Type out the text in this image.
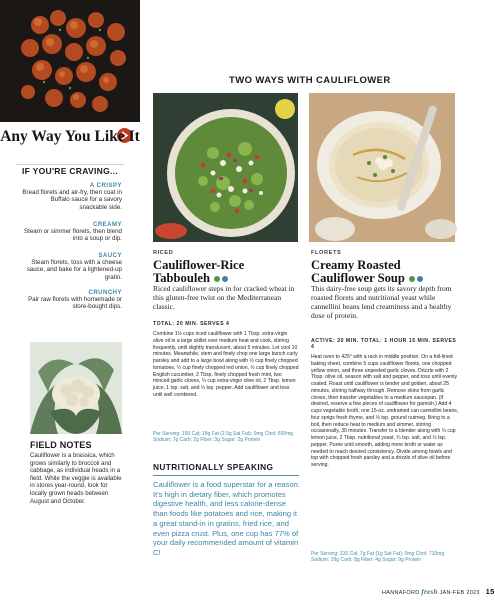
Any Way You Like It
IF YOU'RE CRAVING...
A CRISPY
Bread florets and air-fry, then coat in Buffalo sauce for a savory snackable side.
CREAMY
Steam or simmer florets, then blend into a soup or dip.
SAUCY
Steam florets, toss with a cheese sauce, and bake for a lightened-up gratin.
CRUNCHY
Pair raw florets with homemade or store-bought dips.
FIELD NOTES
Cauliflower is a brassica, which grows similarly to broccoli and cabbage, as individual heads in a field. While the veggie is available in stores year-round, look for locally grown heads between August and October.
TWO WAYS WITH CAULIFLOWER
RICED
Cauliflower-Rice Tabbouleh
Riced cauliflower steps in for cracked wheat in this gluten-free twist on the Mediterranean classic.
TOTAL: 20 MIN. SERVES 4
Combine 1½ cups riced cauliflower with 1 Tbsp. extra-virgin olive oil in a large skillet over medium heat and cook, stirring frequently, until slightly translucent, about 5 minutes. Let cool 10 minutes. Meanwhile, stem and finely chop one large bunch curly parsley and add to a large bowl along with ½ cup finely chopped tomatoes, ½ cup finely chopped red onion, ½ cup finely chopped English cucumber, 2 Tbsp. finely chopped fresh mint, two minced garlic cloves, ¼ cup extra-virgin olive oil, 2 Tbsp. lemon juice, 1 tsp. salt, and ½ tsp. pepper. Add cauliflower and toss until well combined.
Per Serving: 190 Cal; 18g Fat (2.5g Sat Fat); 0mg Chol; 600mg Sodium; 7g Carb; 2g Fiber; 3g Sugar; 2g Protein
FLORETS
Creamy Roasted Cauliflower Soup
This dairy-free soup gets its savory depth from roasted florets and nutritional yeast while cannellini beans lend creaminess and a healthy dose of protein.
ACTIVE: 20 MIN. TOTAL: 1 HOUR 15 MIN. SERVES 4
Heat oven to 425° with a rack in middle position. On a foil-lined baking sheet, combine 5 cups cauliflower florets, one chopped yellow onion, and three unpeeled garlic cloves. Drizzle with 2 Tbsp. olive oil, season with salt and pepper, and toss until evenly coated. Roast until cauliflower is tender and golden, about 25 minutes, stirring halfway through. Remove skins from garlic cloves, then transfer vegetables to a medium saucepan. (If desired, reserve a few pieces of cauliflower for garnish.) Add 4 cups vegetable broth, one 15-oz. undrained can cannellini beans, four sprigs fresh thyme, and ⅛ tsp. ground nutmeg. Bring to a boil, then reduce heat to medium and simmer, stirring occasionally, 30 minutes. Transfer to a blender along with ¼ cup lemon juice, 2 Tbsp. nutritional yeast, ¾ tsp. salt, and ½ tsp. pepper. Purée until smooth, adding more broth or water as needed to reach desired consistency. Divide among bowls and top with chopped fresh parsley and a drizzle of olive oil before serving.
Per Serving: 230 Cal; 7g Fat (1g Sat Fat); 0mg Chol; 710mg Sodium; 29g Carb; 8g Fiber; 4g Sugar; 9g Protein
NUTRITIONALLY SPEAKING
Cauliflower is a food superstar for a reason: It's high in dietary fiber, which promotes digestive health, and less calorie-dense than foods like potatoes and rice, making it a great stand-in in gratins, fried rice, and even pizza crust. Plus, one cup has 77% of your daily recommended amount of vitamin C!
HANNAFORD fresh JAN-FEB 2023 15
